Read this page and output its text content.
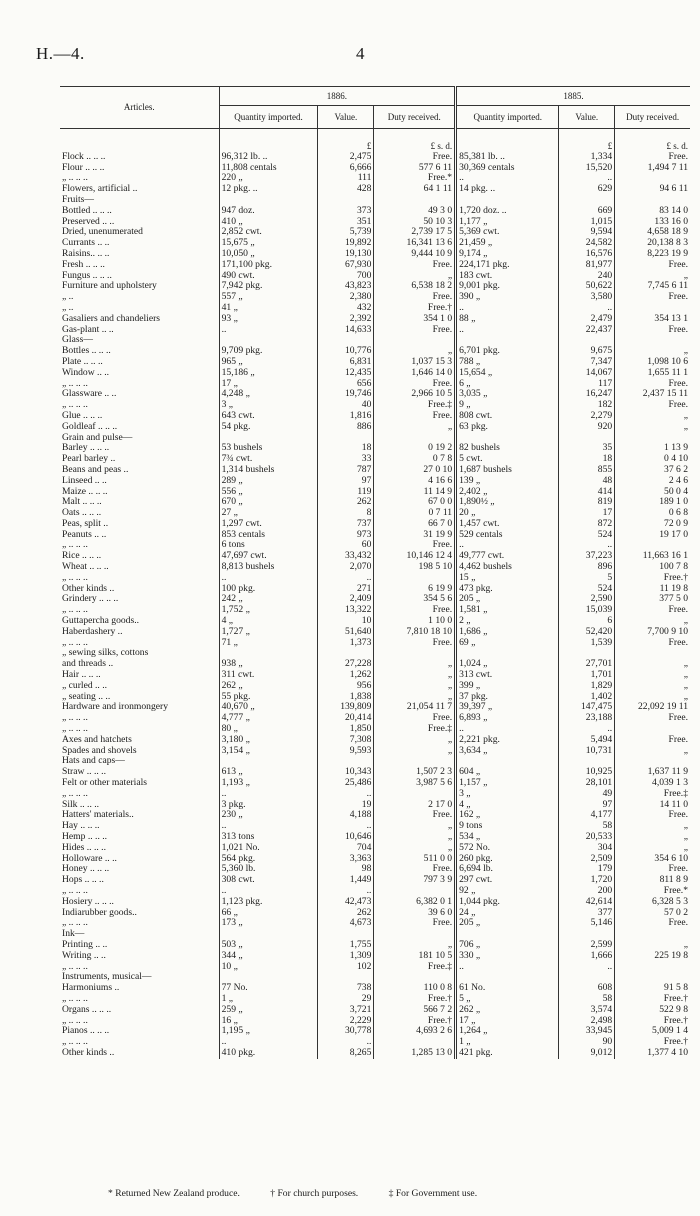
H.—4.	4
Articles.	1886.			1885.		
	Quantity imported.	Value.	Duty received.	Quantity imported.	Value.	Duty received.

		£	£ s. d.		£	£ s. d.
Flock .. .. ..	96,312 lb. ..	2,475	Free.	85,381 lb. ..	1,334	Free.
Flour .. .. ..	11,808 centals	6,666	577 6 11	30,369 centals	15,520	1,494 7 11
„ .. .. ..	220 „	111	Free.*	..	..	
Flowers, artificial ..	12 pkg. ..	428	64 1 11	14 pkg. ..	629	94 6 11
Fruits—						
Bottled .. .. ..	947 doz.	373	49 3 0	1,720 doz. ..	669	83 14 0
Preserved .. ..	410 „	351	50 10 3	1,177 „	1,015	133 16 0
Dried, unenumerated	2,852 cwt.	5,739	2,739 17 5	5,369 cwt.	9,594	4,658 18 9
Currants .. ..	15,675 „	19,892	16,341 13 6	21,459 „	24,582	20,138 8 3
Raisins.. .. ..	10,050 „	19,130	9,444 10 9	9,174 „	16,576	8,223 19 9
Fresh .. .. ..	171,100 pkg.	67,930	Free.	224,171 pkg.	81,977	Free.
Fungus .. .. ..	490 cwt.	700	„	183 cwt.	240	„
Furniture and upholstery	7,942 pkg.	43,823	6,538 18 2	9,001 pkg.	50,622	7,745 6 11
„ ..	557 „	2,380	Free.	390 „	3,580	Free.
„ ..	41 „	432	Free.†	..	..	
Gasaliers and chandeliers	93 „	2,392	354 1 0	88 „	2,479	354 13 1
Gas-plant .. ..	..	14,633	Free.	..	22,437	Free.
Glass—						
Bottles .. .. ..	9,709 pkg.	10,776	„	6,701 pkg.	9,675	„
Plate .. .. ..	965 „	6,831	1,037 15 3	788 „	7,347	1,098 10 6
Window .. ..	15,186 „	12,435	1,646 14 0	15,654 „	14,067	1,655 11 1
„ .. .. ..	17 „	656	Free.	6 „	117	Free.
Glassware .. ..	4,248 „	19,746	2,966 10 5	3,035 „	16,247	2,437 15 11
„ .. .. ..	3 „	40	Free.‡	9 „	182	Free.
Glue .. .. ..	643 cwt.	1,816	Free.	808 cwt.	2,279	„
Goldleaf .. .. ..	54 pkg.	886	„	63 pkg.	920	„
Grain and pulse—						
Barley .. .. ..	53 bushels	18	0 19 2	82 bushels	35	1 13 9
Pearl barley ..	7¾ cwt.	33	0 7 8	5 cwt.	18	0 4 10
Beans and peas ..	1,314 bushels	787	27 0 10	1,687 bushels	855	37 6 2
Linseed .. ..	289 „	97	4 16 6	139 „	48	2 4 6
Maize .. .. ..	556 „	119	11 14 9	2,402 „	414	50 0 4
Malt .. .. ..	670 „	262	67 0 0	1,890½ „	819	189 1 0
Oats .. .. ..	27 „	8	0 7 11	20 „	17	0 6 8
Peas, split ..	1,297 cwt.	737	66 7 0	1,457 cwt.	872	72 0 9
Peanuts .. ..	853 centals	973	31 19 9	529 centals	524	19 17 0
„ .. .. ..	6 tons	60	Free.	..	..	
Rice .. .. ..	47,697 cwt.	33,432	10,146 12 4	49,777 cwt.	37,223	11,663 16 1
Wheat .. .. ..	8,813 bushels	2,070	198 5 10	4,462 bushels	896	100 7 8
„ .. .. ..	..	..		15 „	5	Free.†
Other kinds ..	100 pkg.	271	6 19 9	473 pkg.	524	11 19 8
Grindery .. .. ..	242 „	2,409	354 5 6	205 „	2,590	377 5 0
„ .. .. ..	1,752 „	13,322	Free.	1,581 „	15,039	Free.
Guttapercha goods..	4 „	10	1 10 0	2 „	6	„
Haberdashery ..	1,727 „	51,640	7,810 18 10	1,686 „	52,420	7,700 9 10
„ .. .. ..	71 „	1,373	Free.	69 „	1,539	Free.
„ sewing silks, cottons						
and threads ..	938 „	27,228	„	1,024 „	27,701	„
Hair .. .. ..	311 cwt.	1,262	„	313 cwt.	1,701	„
„ curled .. ..	262 „	956	„	399 „	1,829	„
„ seating .. ..	55 pkg.	1,838	„	37 pkg.	1,402	„
Hardware and ironmongery	40,670 „	139,809	21,054 11 7	39,397 „	147,475	22,092 19 11
„ .. .. ..	4,777 „	20,414	Free.	6,893 „	23,188	Free.
„ .. .. ..	80 „	1,850	Free.‡	..	..	
Axes and hatchets	3,180 „	7,308	„	2,221 pkg.	5,494	Free.
Spades and shovels	3,154 „	9,593	„	3,634 „	10,731	„
Hats and caps—						
Straw .. .. ..	613 „	10,343	1,507 2 3	604 „	10,925	1,637 11 9
Felt or other materials	1,193 „	25,486	3,987 5 6	1,157 „	28,101	4,039 1 3
„ .. .. ..	..	..		3 „	49	Free.‡
Silk .. .. ..	3 pkg.	19	2 17 0	4 „	97	14 11 0
Hatters' materials..	230 „	4,188	Free.	162 „	4,177	Free.
Hay .. .. ..	..	..	„	9 tons	58	„
Hemp .. .. ..	313 tons	10,646	„	534 „	20,533	„
Hides .. .. ..	1,021 No.	704	„	572 No.	304	„
Holloware .. ..	564 pkg.	3,363	511 0 0	260 pkg.	2,509	354 6 10
Honey .. .. ..	5,360 lb.	98	Free.	6,694 lb.	179	Free.
Hops .. .. ..	308 cwt.	1,449	797 3 9	297 cwt.	1,720	811 8 9
„ .. .. ..	..	..		92 „	200	Free.*
Hosiery .. .. ..	1,123 pkg.	42,473	6,382 0 1	1,044 pkg.	42,614	6,328 5 3
Indiarubber goods..	66 „	262	39 6 0	24 „	377	57 0 2
„ .. .. ..	173 „	4,673	Free.	205 „	5,146	Free.
Ink—						
Printing .. ..	503 „	1,755	„	706 „	2,599	„
Writing .. ..	344 „	1,309	181 10 5	330 „	1,666	225 19 8
„ .. .. ..	10 „	102	Free.‡	..	..	
Instruments, musical—						
Harmoniums ..	77 No.	738	110 0 8	61 No.	608	91 5 8
„ .. .. ..	1 „	29	Free.†	5 „	58	Free.†
Organs .. .. ..	259 „	3,721	566 7 2	262 „	3,574	522 9 8
„ .. .. ..	16 „	2,229	Free.†	17 „	2,498	Free.†
Pianos .. .. ..	1,195 „	30,778	4,693 2 6	1,264 „	33,945	5,009 1 4
„ .. .. ..	..	..		1 „	90	Free.†
Other kinds ..	410 pkg.	8,265	1,285 13 0	421 pkg.	9,012	1,377 4 10
* Returned New Zealand produce.	† For church purposes.	‡ For Government use.
